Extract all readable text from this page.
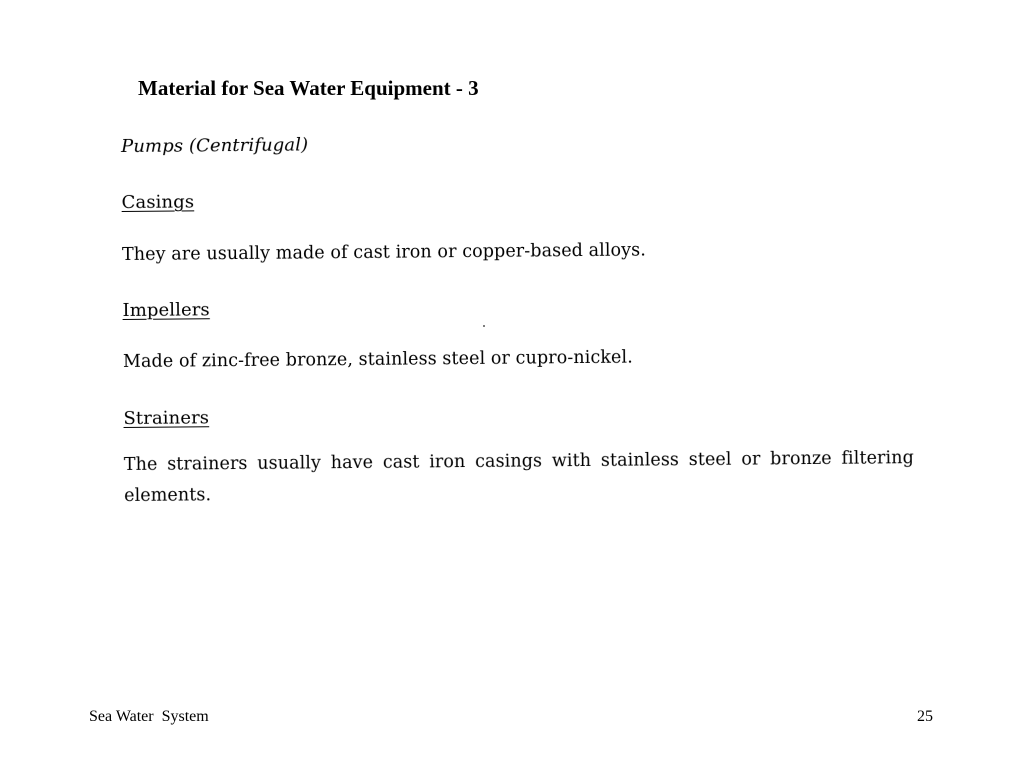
Material for Sea Water Equipment - 3

Pumps (Centrifugal)

Casings

They are usually made of cast iron or copper-based alloys.

Impellers

Made of zinc-free bronze, stainless steel or cupro-nickel.

Strainers

The strainers usually have cast iron casings with stainless steel or bronze filtering elements.

Sea Water  System	25
